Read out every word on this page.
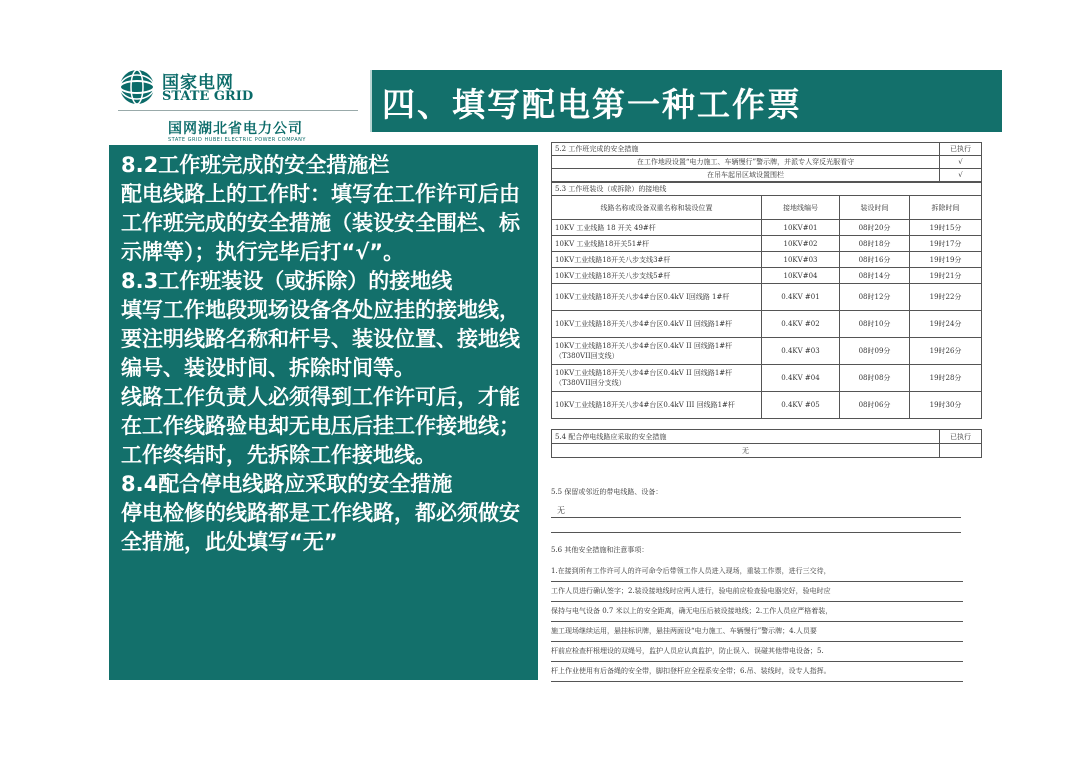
国家电网
STATE GRID
国网湖北省电力公司
STATE GRID HUBEI ELECTRIC POWER COMPANY
四、填写配电第一种工作票
8.2工作班完成的安全措施栏
配电线路上的工作时：填写在工作许可后由工作班完成的安全措施（装设安全围栏、标示牌等）；执行完毕后打“√”。
8.3工作班装设（或拆除）的接地线
填写工作地段现场设备各处应挂的接地线，要注明线路名称和杆号、装设位置、接地线编号、装设时间、拆除时间等。
线路工作负责人必须得到工作许可后，才能在工作线路验电却无电压后挂工作接地线；工作终结时，先拆除工作接地线。
8.4配合停电线路应采取的安全措施
停电检修的线路都是工作线路，都必须做安全措施，此处填写“无”
5.2 工作班完成的安全措施	已执行
在工作地段设置“电力施工、车辆慢行”警示牌，并派专人穿反光服看守	√
在吊车起吊区域设置围栏	√
5.3 工作班装设（或拆除）的接地线			
线路名称或设备双重名称和装设位置	接地线编号	装设时间	拆除时间
10KV 工业线路 18 开关 49#杆	10KV#01	08时20分	19时15分
10KV 工业线路18开关51#杆	10KV#02	08时18分	19时17分
10KV工业线路18开关八步支线3#杆	10KV#03	08时16分	19时19分
10KV工业线路18开关八步支线5#杆	10KV#04	08时14分	19时21分
10KV工业线路18开关八步4#台区0.4kV I回线路 1#杆	0.4KV #01	08时12分	19时22分
10KV工业线路18开关八步4#台区0.4kV II 回线路1#杆	0.4KV #02	08时10分	19时24分
10KV工业线路18开关八步4#台区0.4kV II 回线路1#杆（T380VII回支线）	0.4KV #03	08时09分	19时26分
10KV工业线路18开关八步4#台区0.4kV II 回线路1#杆（T380VII回分支线）	0.4KV #04	08时08分	19时28分
10KV工业线路18开关八步4#台区0.4kV III 回线路1#杆	0.4KV #05	08时06分	19时30分
5.4 配合停电线路应采取的安全措施	已执行
无	
5.5 保留或邻近的带电线路、设备：
无
5.6 其他安全措施和注意事项：
1.在接到所有工作许可人的许可命令后带领工作人员进入现场，重装工作票，进行三交待，
工作人员进行确认签字；2.装设接地线时应两人进行，验电前应检查验电器完好，验电时应
保持与电气设备 0.7 米以上的安全距离，确无电压后被设接地线；2.工作人员应严格着装，
施工现场继续运用，悬挂标识牌，悬挂两面设“电力施工、车辆慢行”警示牌；4.人员要
杆前应检查杆根埋设的双绳号，监护人员应认真监护，防止误入、误碰其他带电设备；5.
杆上作业使用有后备绳的安全带，脚扣登杆应全程系安全带；6.吊、装线时，设专人指挥。
